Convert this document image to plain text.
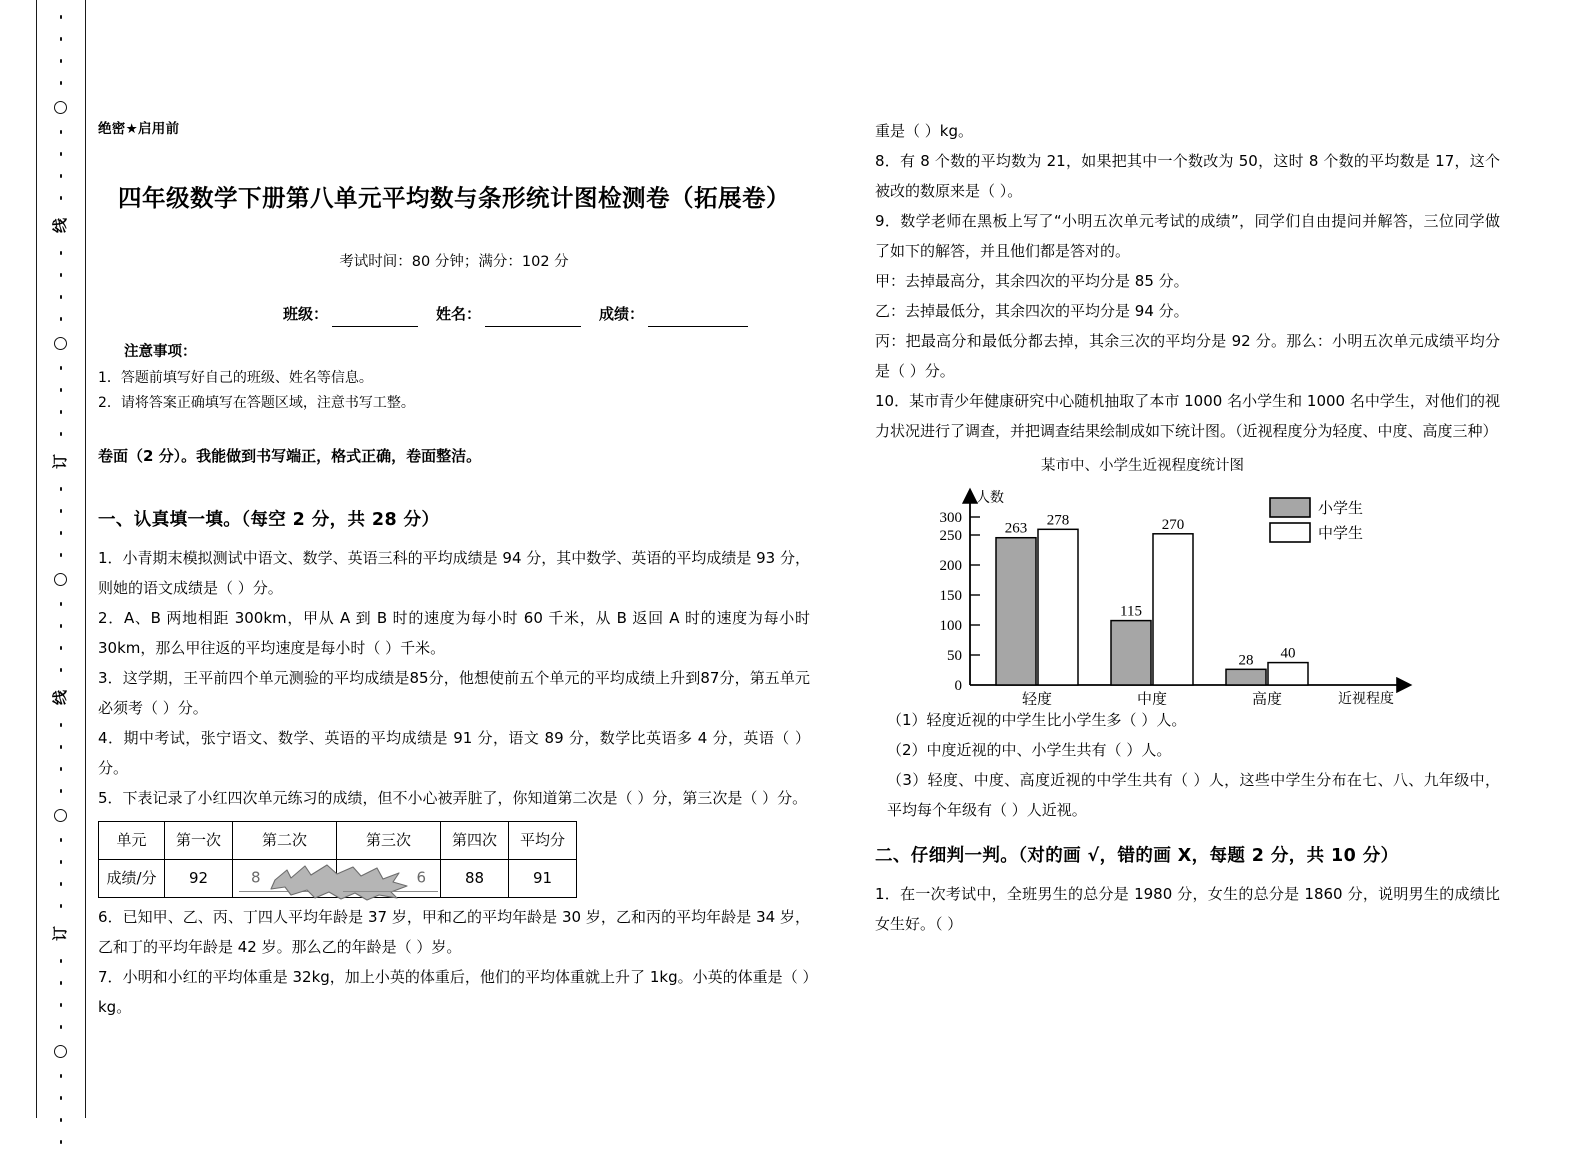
线
订
线
订
绝密★启用前
四年级数学下册第八单元平均数与条形统计图检测卷（拓展卷）
考试时间：80 分钟；满分：102 分
班级：	姓名：	成绩：
注意事项：
1．答题前填写好自己的班级、姓名等信息。
2．请将答案正确填写在答题区域，注意书写工整。
卷面（2 分）。我能做到书写端正，格式正确，卷面整洁。
一、认真填一填。（每空 2 分，共 28 分）

1．小青期末模拟测试中语文、数学、英语三科的平均成绩是 94 分，其中数学、英语的平均成绩是 93 分，则她的语文成绩是（ ）分。

2．A、B 两地相距 300km，甲从 A 到 B 时的速度为每小时 60 千米，从 B 返回 A 时的速度为每小时 30km，那么甲往返的平均速度是每小时（ ）千米。

3．这学期，王平前四个单元测验的平均成绩是85分，他想使前五个单元的平均成绩上升到87分，第五单元必须考（ ）分。

4．期中考试，张宁语文、数学、英语的平均成绩是 91 分，语文 89 分，数学比英语多 4 分，英语（ ）分。

5．下表记录了小红四次单元练习的成绩，但不小心被弄脏了，你知道第二次是（ ）分，第三次是（ ）分。

单元	第一次	第二次	第三次	第四次	平均分
成绩/分	92	8	6	88	91

6．已知甲、乙、丙、丁四人平均年龄是 37 岁，甲和乙的平均年龄是 30 岁，乙和丙的平均年龄是 34 岁，乙和丁的平均年龄是 42 岁。那么乙的年龄是（ ）岁。

7．小明和小红的平均体重是 32kg，加上小英的体重后，他们的平均体重就上升了 1kg。小英的体重是（ ）kg。

重是（ ）kg。

8．有 8 个数的平均数为 21，如果把其中一个数改为 50，这时 8 个数的平均数是 17，这个被改的数原来是（ ）。

9．数学老师在黑板上写了“小明五次单元考试的成绩”，同学们自由提问并解答，三位同学做了如下的解答，并且他们都是答对的。

甲：去掉最高分，其余四次的平均分是 85 分。

乙：去掉最低分，其余四次的平均分是 94 分。

丙：把最高分和最低分都去掉，其余三次的平均分是 92 分。那么：小明五次单元成绩平均分是（ ）分。

10．某市青少年健康研究中心随机抽取了本市 1000 名小学生和 1000 名中学生，对他们的视力状况进行了调查，并把调查结果绘制成如下统计图。（近视程度分为轻度、中度、高度三种）

某市中、小学生近视程度统计图
人数
近视程度
0
50
100
150
200
250
300
263
278
115
270
28 40
轻度	中度	高度
小学生
中学生

（1）轻度近视的中学生比小学生多（ ）人。

（2）中度近视的中、小学生共有（ ）人。

（3）轻度、中度、高度近视的中学生共有（ ）人，这些中学生分布在七、八、九年级中，平均每个年级有（ ）人近视。

二、仔细判一判。（对的画 √，错的画 X，每题 2 分，共 10 分）

1．在一次考试中，全班男生的总分是 1980 分，女生的总分是 1860 分，说明男生的成绩比女生好。（ ）
